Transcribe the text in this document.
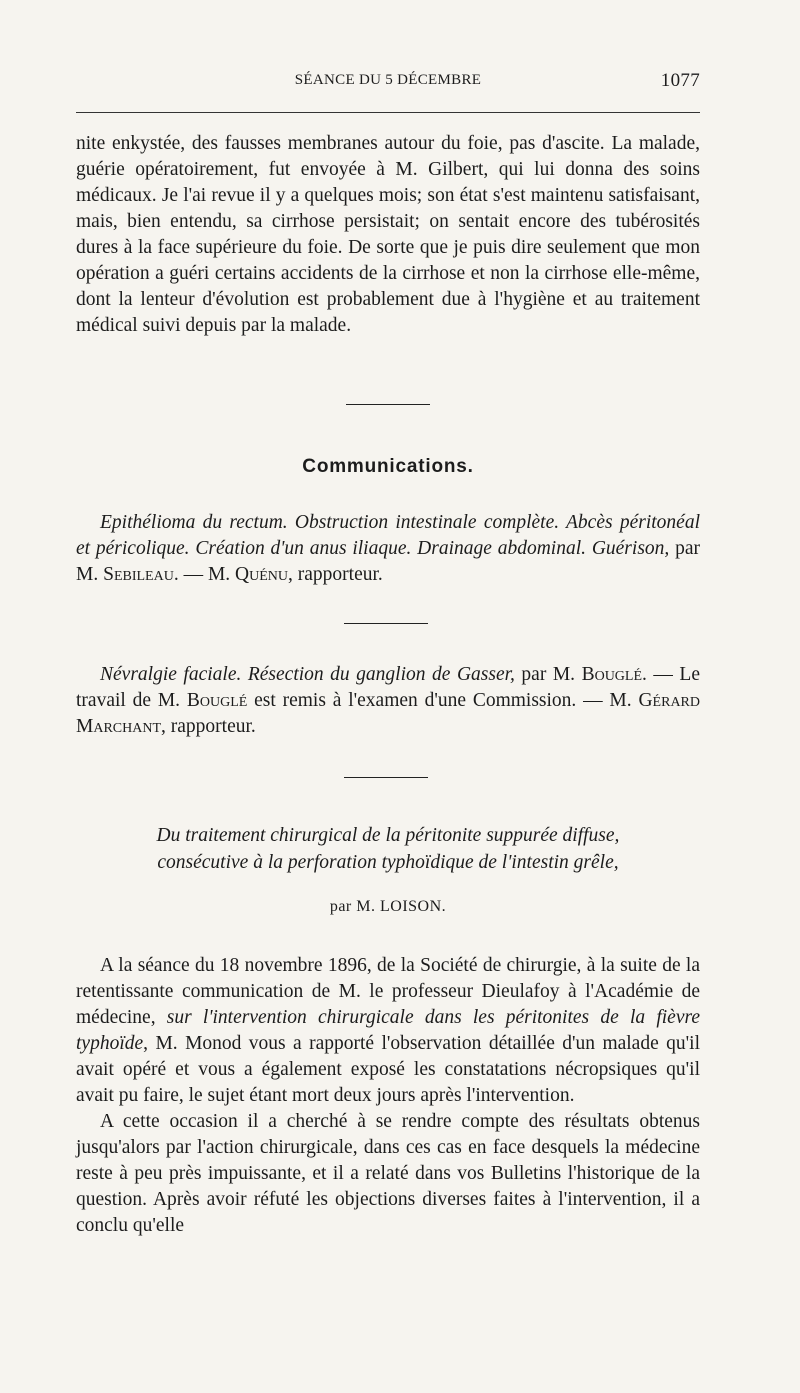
SÉANCE DU 5 DÉCEMBRE	1077

nite enkystée, des fausses membranes autour du foie, pas d'ascite. La malade, guérie opératoirement, fut envoyée à M. Gilbert, qui lui donna des soins médicaux. Je l'ai revue il y a quelques mois; son état s'est maintenu satisfaisant, mais, bien entendu, sa cirrhose persistait; on sentait encore des tubérosités dures à la face supérieure du foie. De sorte que je puis dire seulement que mon opération a guéri certains accidents de la cirrhose et non la cirrhose elle-même, dont la lenteur d'évolution est probablement due à l'hygiène et au traitement médical suivi depuis par la malade.

Communications.

Epithélioma du rectum. Obstruction intestinale complète. Abcès péritonéal et péricolique. Création d'un anus iliaque. Drainage abdominal. Guérison, par M. Sebileau. — M. Quénu, rapporteur.

Névralgie faciale. Résection du ganglion de Gasser, par M. Bouglé. — Le travail de M. Bouglé est remis à l'examen d'une Commission. — M. Gérard Marchant, rapporteur.

Du traitement chirurgical de la péritonite suppurée diffuse,
consécutive à la perforation typhoïdique de l'intestin grêle,
par M. LOISON.

A la séance du 18 novembre 1896, de la Société de chirurgie, à la suite de la retentissante communication de M. le professeur Dieulafoy à l'Académie de médecine, sur l'intervention chirurgicale dans les péritonites de la fièvre typhoïde, M. Monod vous a rapporté l'observation détaillée d'un malade qu'il avait opéré et vous a également exposé les constatations nécropsiques qu'il avait pu faire, le sujet étant mort deux jours après l'intervention.

A cette occasion il a cherché à se rendre compte des résultats obtenus jusqu'alors par l'action chirurgicale, dans ces cas en face desquels la médecine reste à peu près impuissante, et il a relaté dans vos Bulletins l'historique de la question. Après avoir réfuté les objections diverses faites à l'intervention, il a conclu qu'elle
